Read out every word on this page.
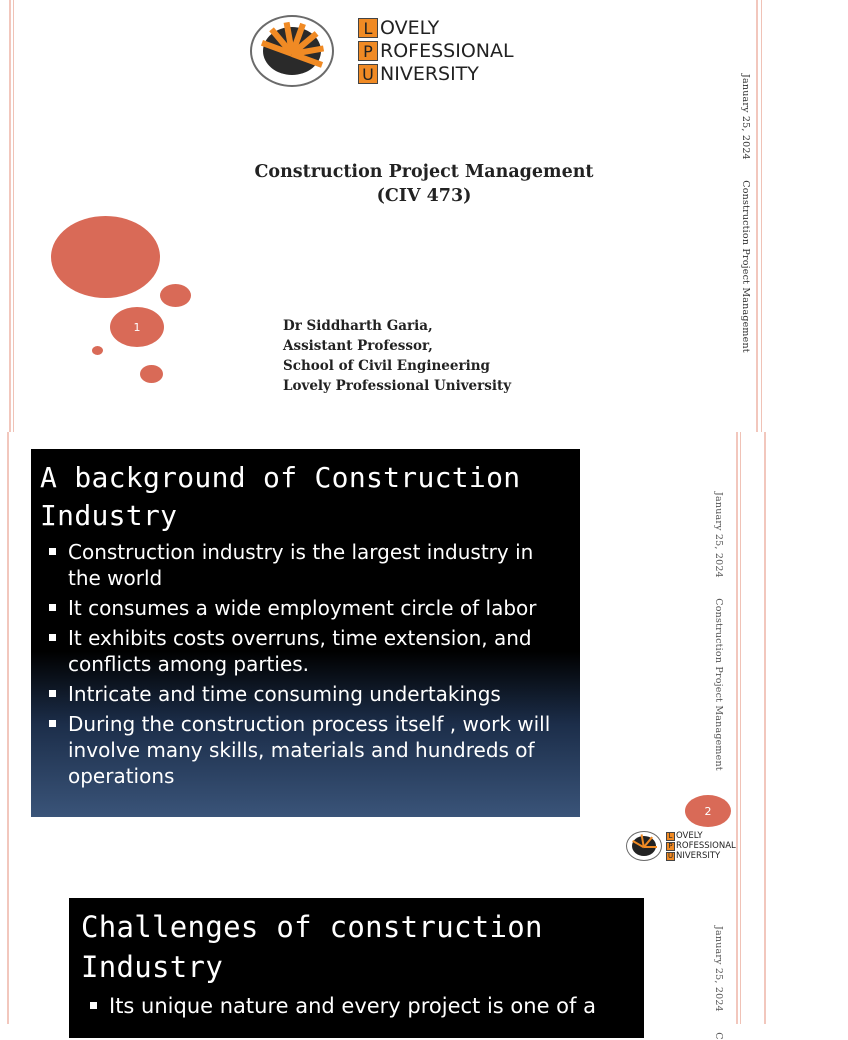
L OVELY
P ROFESSIONAL
U NIVERSITY
Construction Project Management
(CIV 473)
1	Dr Siddharth Garia,
Assistant Professor,
School of Civil Engineering
Lovely Professional University
January 25, 2024  Construction Project Management
A background of Construction
Industry
Construction industry is the largest industry in the world
It consumes a wide employment circle of labor
It exhibits costs overruns, time extension, and conflicts among parties.
Intricate and time consuming undertakings
During the construction process itself , work will involve many skills, materials and hundreds of operations
January 25, 2024  Construction Project Management
2
L OVELY
P ROFESSIONAL
U NIVERSITY
Challenges of construction
Industry
Its unique nature and every project is one of a	January 25, 2024  C
